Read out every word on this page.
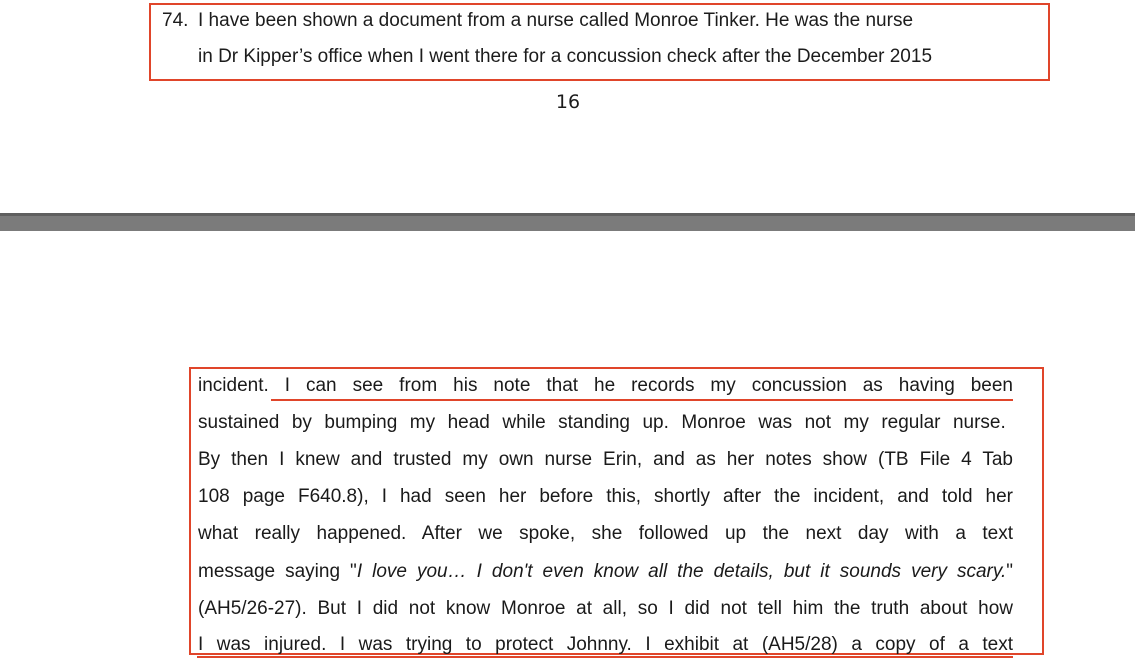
74. I have been shown a document from a nurse called Monroe Tinker. He was the nurse
in Dr Kipper’s office when I went there for a concussion check after the December 2015
16
incident. I can see from his note that he records my concussion as having been
sustained by bumping my head while standing up. Monroe was not my regular nurse.
By then I knew and trusted my own nurse Erin, and as her notes show (TB File 4 Tab
108 page F640.8), I had seen her before this, shortly after the incident, and told her
what really happened. After we spoke, she followed up the next day with a text
message saying "I love you… I don't even know all the details, but it sounds very scary."
(AH5/26-27). But I did not know Monroe at all, so I did not tell him the truth about how
I was injured. I was trying to protect Johnny. I exhibit at (AH5/28) a copy of a text
